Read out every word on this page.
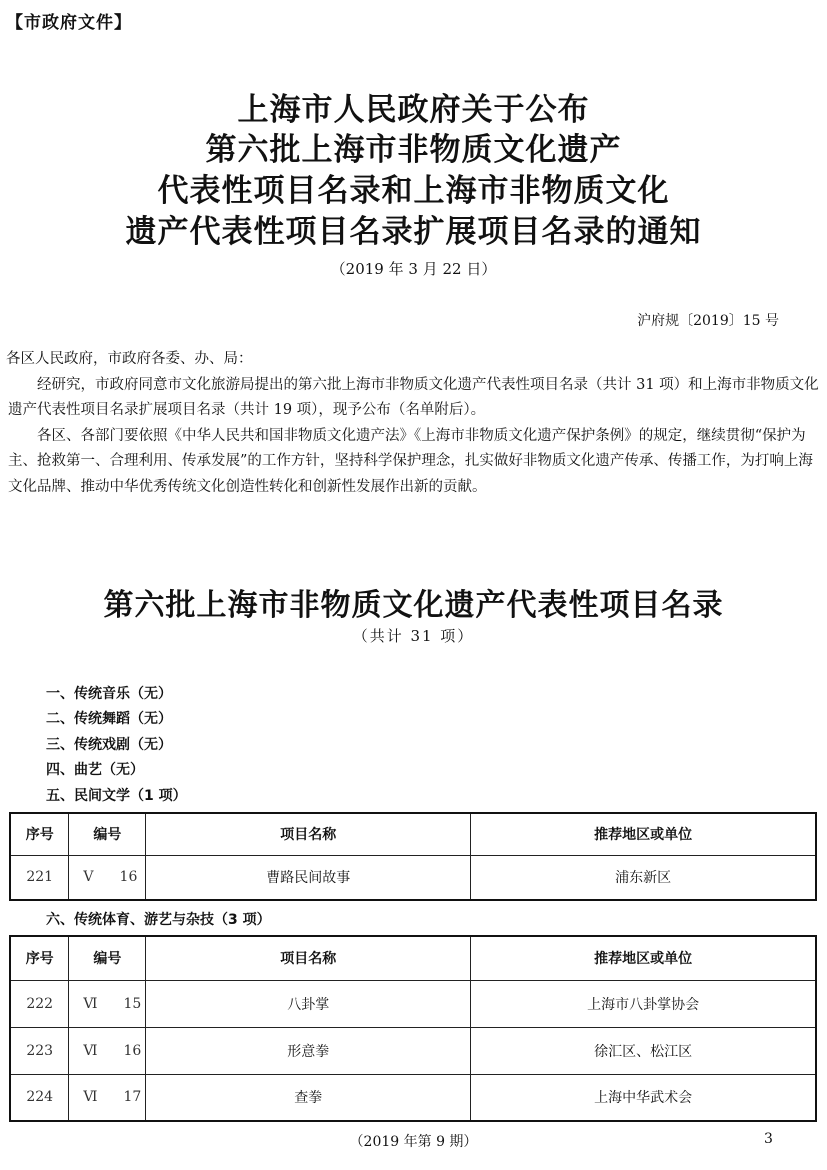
【市政府文件】
上海市人民政府关于公布
第六批上海市非物质文化遗产
代表性项目名录和上海市非物质文化
遗产代表性项目名录扩展项目名录的通知
（2019 年 3 月 22 日）
沪府规〔2019〕15 号

各区人民政府，市政府各委、办、局：

经研究，市政府同意市文化旅游局提出的第六批上海市非物质文化遗产代表性项目名录（共计 31 项）和上海市非物质文化遗产代表性项目名录扩展项目名录（共计 19 项），现予公布（名单附后）。

各区、各部门要依照《中华人民共和国非物质文化遗产法》《上海市非物质文化遗产保护条例》的规定，继续贯彻“保护为主、抢救第一、合理利用、传承发展”的工作方针，坚持科学保护理念，扎实做好非物质文化遗产传承、传播工作，为打响上海文化品牌、推动中华优秀传统文化创造性转化和创新性发展作出新的贡献。

第六批上海市非物质文化遗产代表性项目名录
（共计 31 项）
一、传统音乐（无）
二、传统舞蹈（无）
三、传统戏剧（无）
四、曲艺（无）
五、民间文学（1 项）
序号	编号	项目名称	推荐地区或单位
221	Ⅴ 16	曹路民间故事	浦东新区
六、传统体育、游艺与杂技（3 项）
序号	编号	项目名称	推荐地区或单位
222	Ⅵ 15	八卦掌	上海市八卦掌协会
223	Ⅵ 16	形意拳	徐汇区、松江区
224	Ⅵ 17	查拳	上海中华武术会
（2019 年第 9 期）	3
